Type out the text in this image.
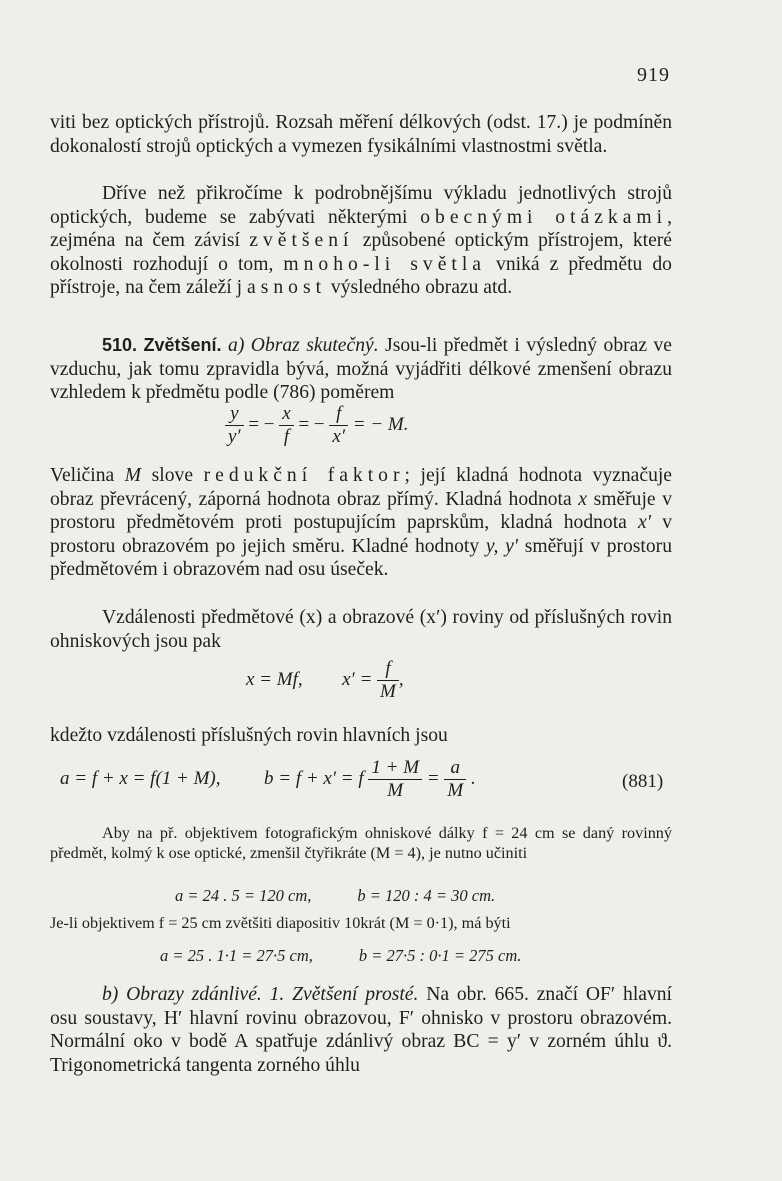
919

viti bez optických přístrojů. Rozsah měření délkových (odst. 17.) je podmíněn dokonalostí strojů optických a vymezen fysikálními vlastnostmi světla.

Dříve než přikročíme k podrobnějšímu výkladu jednotlivých strojů optických, budeme se zabývati některými obecnými otázkami, zejména na čem závisí zvětšení způsobené optickým přístrojem, které okolnosti rozhodují o tom, mnoho-li světla vniká z předmětu do přístroje, na čem záleží jasnost výsledného obrazu atd.

510. Zvětšení. a) Obraz skutečný. Jsou-li předmět i výsledný obraz ve vzduchu, jak tomu zpravidla bývá, možná vyjádřiti délkové zmenšení obrazu vzhledem k předmětu podle (786) poměrem

$\frac{y}{y'}$ = − $\frac{x}{f}$ = − $\frac{f}{x'}$ = − M.

Veličina M slove redukční faktor; její kladná hodnota vyznačuje obraz převrácený, záporná hodnota obraz přímý. Kladná hodnota x směřuje v prostoru předmětovém proti postupujícím paprskům, kladná hodnota x′ v prostoru obrazovém po jejich směru. Kladné hodnoty y, y′ směřují v prostoru předmětovém i obrazovém nad osu úseček.

Vzdálenosti předmětové (x) a obrazové (x′) roviny od příslušných rovin ohniskových jsou pak

x = Mf, $x' = \frac{f}{M}$ ,

kdežto vzdálenosti příslušných rovin hlavních jsou

a = f + x = f(1 + M), b = f + x′ = f $\frac{1 + M}{M} = \frac{a}{M}$ .	(881)

Aby na př. objektivem fotografickým ohniskové dálky f = 24 cm se daný rovinný předmět, kolmý k ose optické, zmenšil čtyřikráte (M = 4), je nutno učiniti

a = 24 . 5 = 120 cm,	b = 120 : 4 = 30 cm.

Je-li objektivem f = 25 cm zvětšiti diapositiv 10krát (M = 0·1), má býti

a = 25 . 1·1 = 27·5 cm,	b = 27·5 : 0·1 = 275 cm.

b) Obrazy zdánlivé. 1. Zvětšení prosté. Na obr. 665. značí OF′ hlavní osu soustavy, H′ hlavní rovinu obrazovou, F′ ohnisko v prostoru obrazovém. Normální oko v bodě A spatřuje zdánlivý obraz BC = y′ v zorném úhlu ϑ. Trigonometrická tangenta zorného úhlu
